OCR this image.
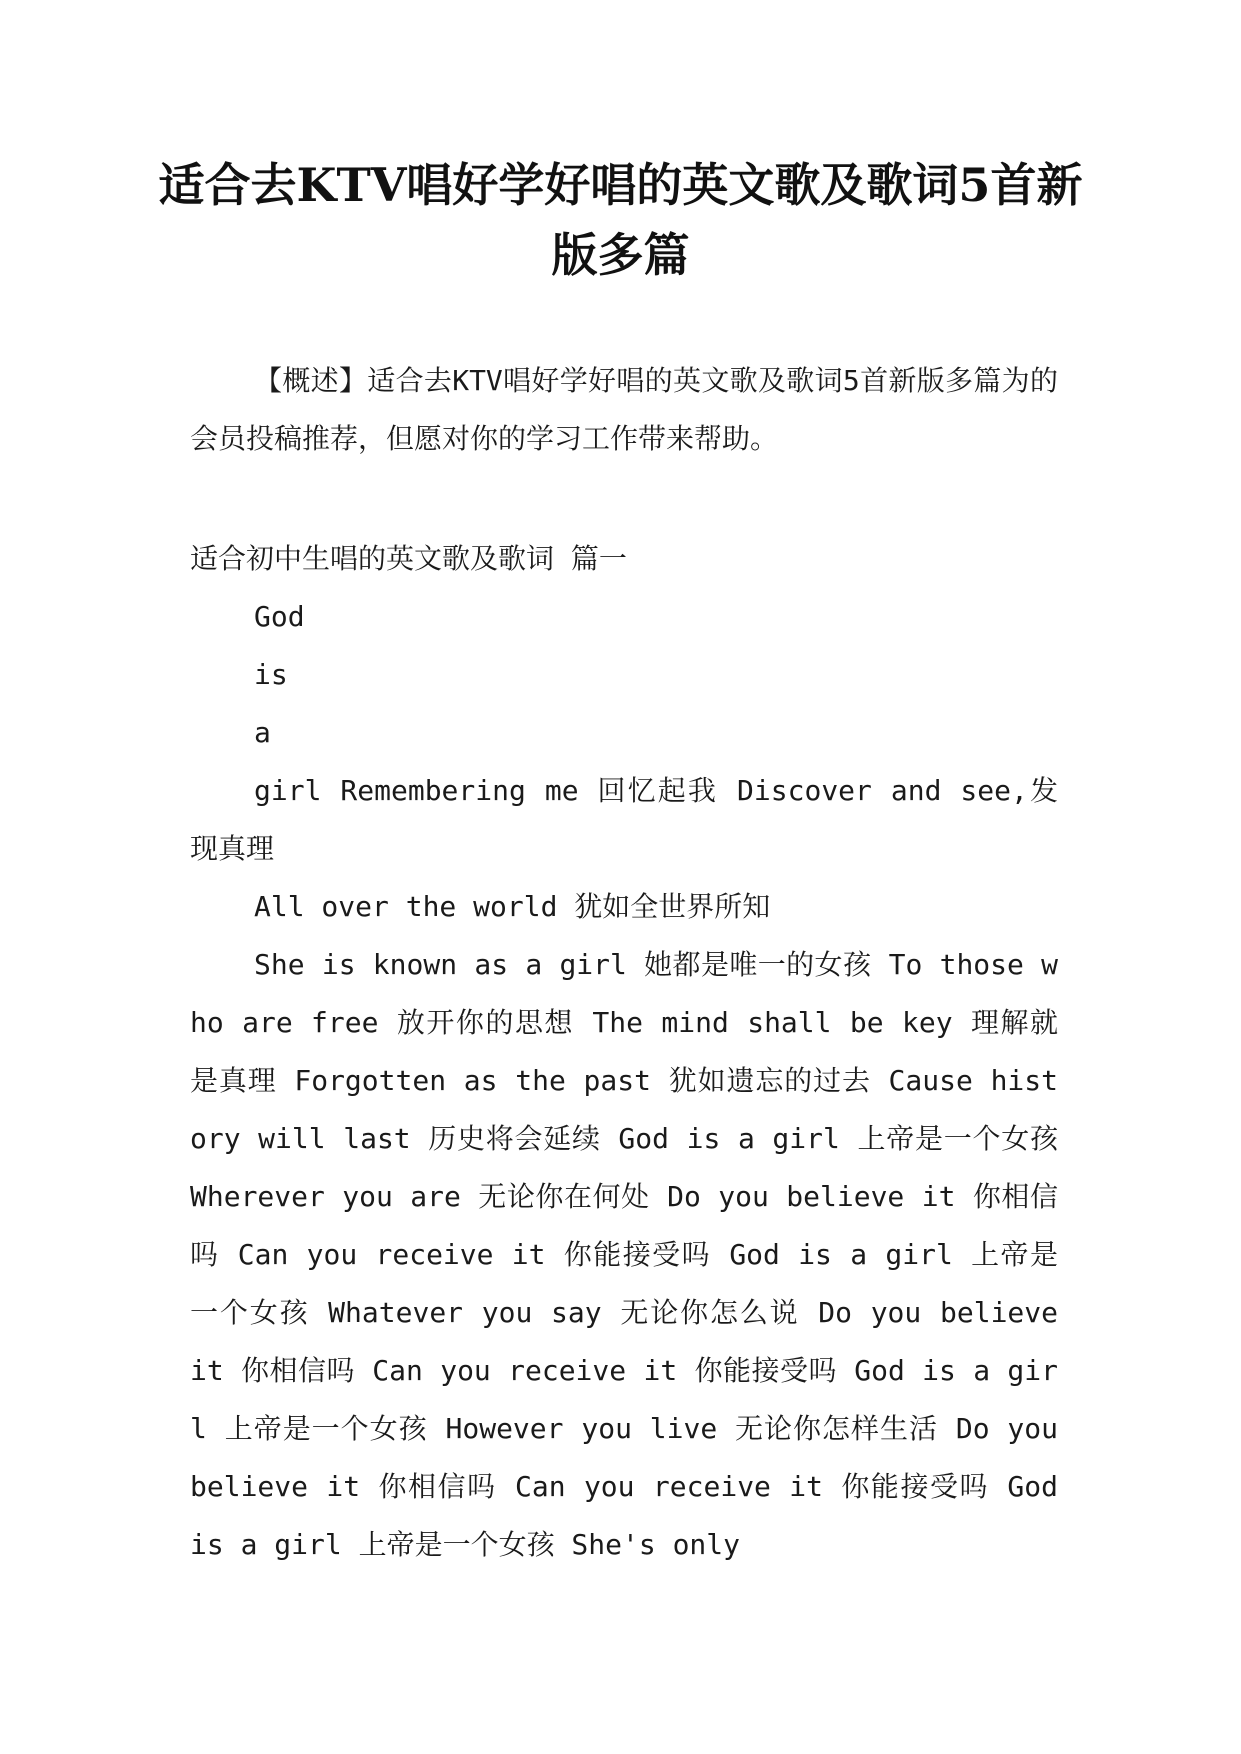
适合去KTV唱好学好唱的英文歌及歌词5首新版多篇

【概述】适合去KTV唱好学好唱的英文歌及歌词5首新版多篇为的会员投稿推荐，但愿对你的学习工作带来帮助。

适合初中生唱的英文歌及歌词 篇一

God

is

a

girl Remembering me 回忆起我 Discover and see,发现真理

All over the world 犹如全世界所知

She is known as a girl 她都是唯一的女孩 To those who are free 放开你的思想 The mind shall be key 理解就是真理 Forgotten as the past 犹如遗忘的过去 Cause history will last 历史将会延续 God is a girl 上帝是一个女孩 Wherever you are 无论你在何处 Do you believe it 你相信吗 Can you receive it 你能接受吗 God is a girl 上帝是一个女孩 Whatever you say 无论你怎么说 Do you believe it 你相信吗 Can you receive it 你能接受吗 God is a girl 上帝是一个女孩 However you live 无论你怎样生活 Do you believe it 你相信吗 Can you receive it 你能接受吗 God is a girl 上帝是一个女孩 She's only
